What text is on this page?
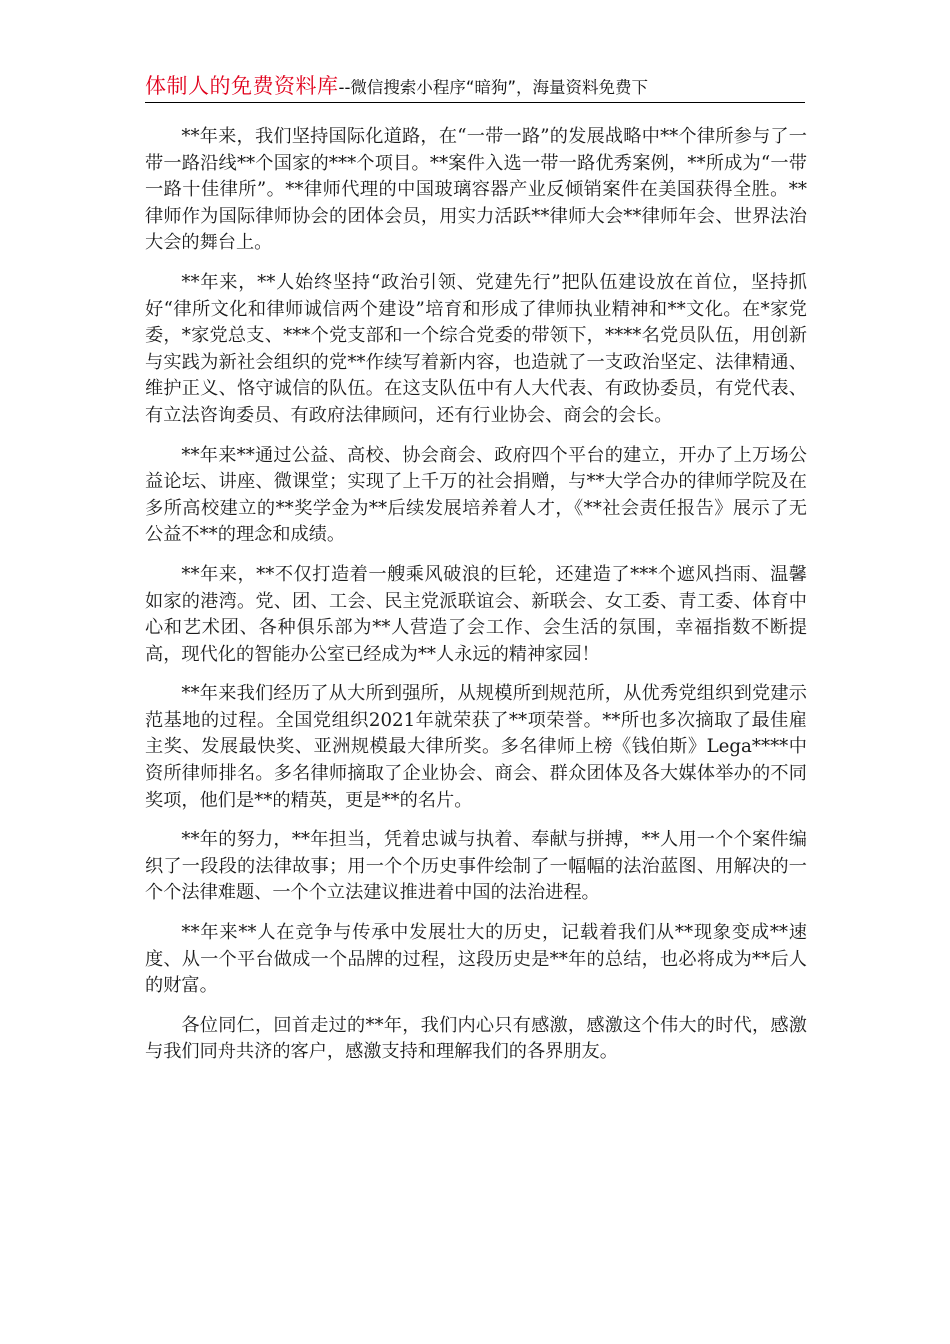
体制人的免费资料库--微信搜索小程序“暗狗”，海量资料免费下

**年来，我们坚持国际化道路，在“一带一路”的发展战略中**个律所参与了一带一路沿线**个国家的***个项目。**案件入选一带一路优秀案例，**所成为“一带一路十佳律所”。**律师代理的中国玻璃容器产业反倾销案件在美国获得全胜。**律师作为国际律师协会的团体会员，用实力活跃**律师大会**律师年会、世界法治大会的舞台上。

**年来，**人始终坚持“政治引领、党建先行”把队伍建设放在首位，坚持抓好“律所文化和律师诚信两个建设”培育和形成了律师执业精神和**文化。在*家党委，*家党总支、***个党支部和一个综合党委的带领下，****名党员队伍，用创新与实践为新社会组织的党**作续写着新内容，也造就了一支政治坚定、法律精通、维护正义、恪守诚信的队伍。在这支队伍中有人大代表、有政协委员，有党代表、有立法咨询委员、有政府法律顾问，还有行业协会、商会的会长。

**年来**通过公益、高校、协会商会、政府四个平台的建立，开办了上万场公益论坛、讲座、微课堂；实现了上千万的社会捐赠，与**大学合办的律师学院及在多所高校建立的**奖学金为**后续发展培养着人才，《**社会责任报告》展示了无公益不**的理念和成绩。

**年来，**不仅打造着一艘乘风破浪的巨轮，还建造了***个遮风挡雨、温馨如家的港湾。党、团、工会、民主党派联谊会、新联会、女工委、青工委、体育中心和艺术团、各种俱乐部为**人营造了会工作、会生活的氛围，幸福指数不断提高，现代化的智能办公室已经成为**人永远的精神家园！

**年来我们经历了从大所到强所，从规模所到规范所，从优秀党组织到党建示范基地的过程。全国党组织2021年就荣获了**项荣誉。**所也多次摘取了最佳雇主奖、发展最快奖、亚洲规模最大律所奖。多名律师上榜《钱伯斯》Lega****中资所律师排名。多名律师摘取了企业协会、商会、群众团体及各大媒体举办的不同奖项，他们是**的精英，更是**的名片。

**年的努力，**年担当，凭着忠诚与执着、奉献与拼搏，**人用一个个案件编织了一段段的法律故事；用一个个历史事件绘制了一幅幅的法治蓝图、用解决的一个个法律难题、一个个立法建议推进着中国的法治进程。

**年来**人在竞争与传承中发展壮大的历史，记载着我们从**现象变成**速度、从一个平台做成一个品牌的过程，这段历史是**年的总结，也必将成为**后人的财富。

各位同仁，回首走过的**年，我们内心只有感激，感激这个伟大的时代，感激与我们同舟共济的客户，感激支持和理解我们的各界朋友。
